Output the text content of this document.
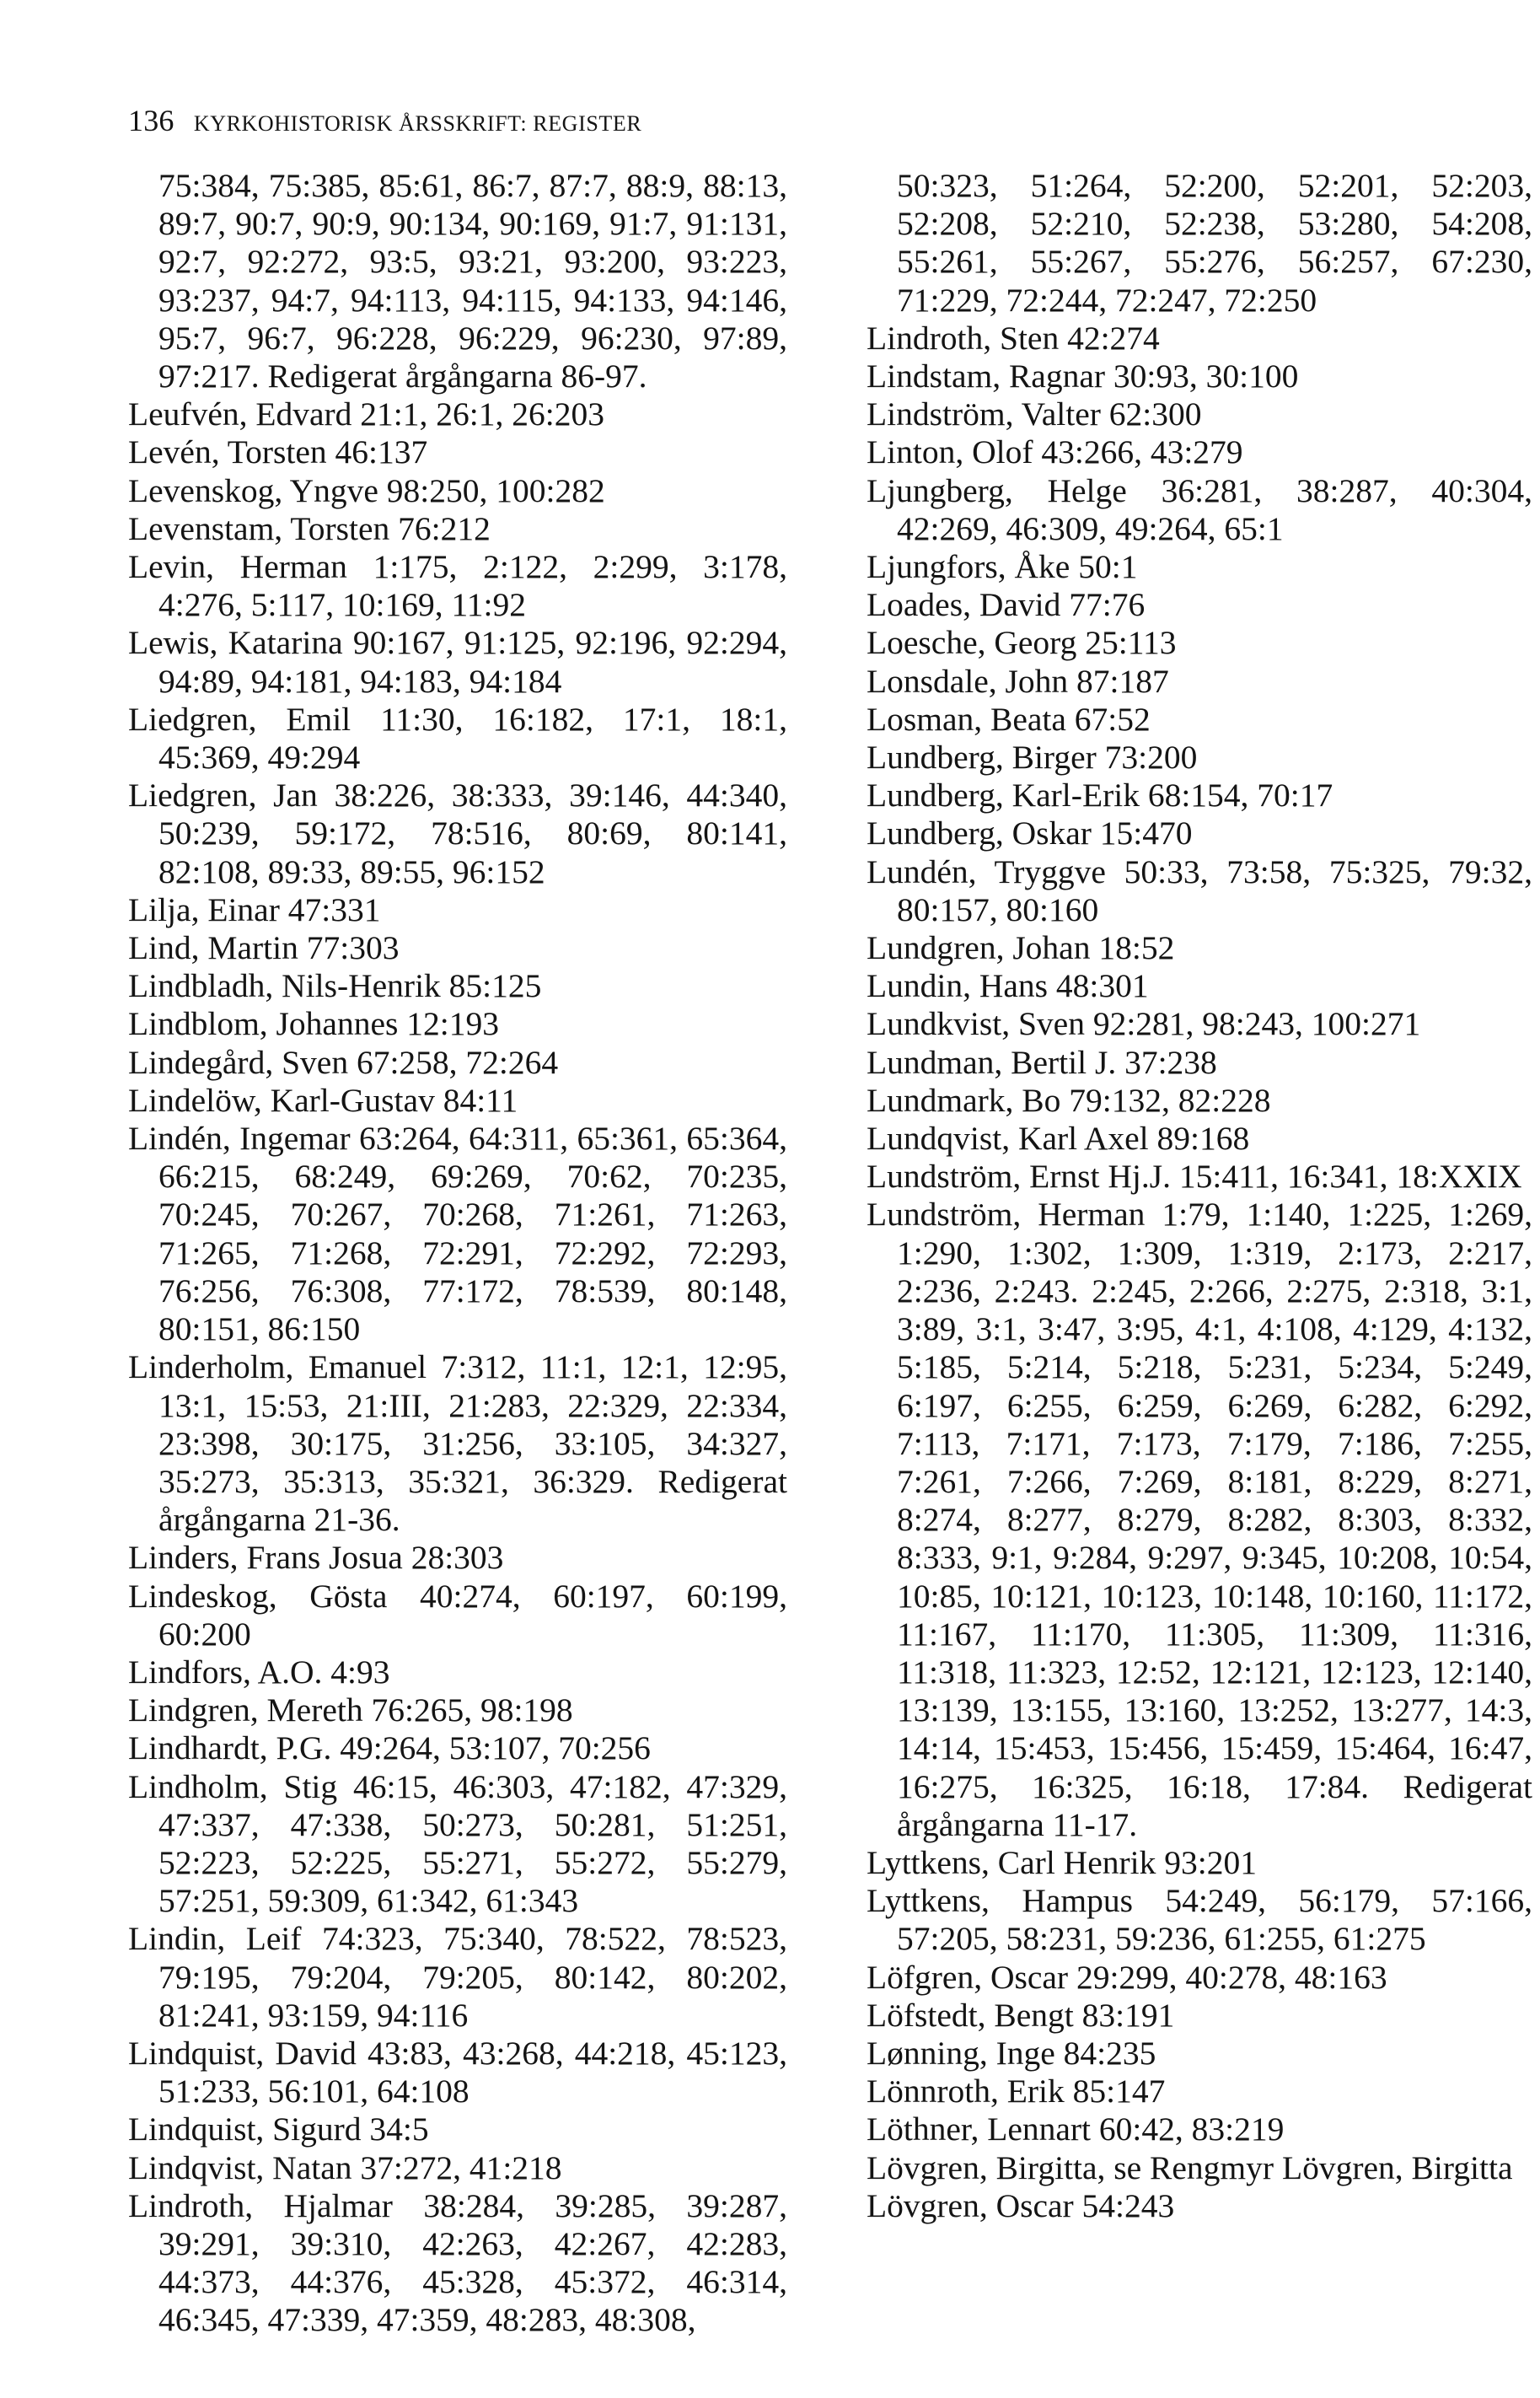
136 KYRKOHISTORISK ÅRSSKRIFT: REGISTER

75:384, 75:385, 85:61, 86:7, 87:7, 88:9, 88:13, 89:7, 90:7, 90:9, 90:134, 90:169, 91:7, 91:131, 92:7, 92:272, 93:5, 93:21, 93:200, 93:223, 93:237, 94:7, 94:113, 94:115, 94:133, 94:146, 95:7, 96:7, 96:228, 96:229, 96:230, 97:89, 97:217. Redigerat årgångarna 86-97.

Leufvén, Edvard 21:1, 26:1, 26:203

Levén, Torsten 46:137

Levenskog, Yngve 98:250, 100:282

Levenstam, Torsten 76:212

Levin, Herman 1:175, 2:122, 2:299, 3:178, 4:276, 5:117, 10:169, 11:92

Lewis, Katarina 90:167, 91:125, 92:196, 92:294, 94:89, 94:181, 94:183, 94:184

Liedgren, Emil 11:30, 16:182, 17:1, 18:1, 45:369, 49:294

Liedgren, Jan 38:226, 38:333, 39:146, 44:340, 50:239, 59:172, 78:516, 80:69, 80:141, 82:108, 89:33, 89:55, 96:152

Lilja, Einar 47:331

Lind, Martin 77:303

Lindbladh, Nils-Henrik 85:125

Lindblom, Johannes 12:193

Lindegård, Sven 67:258, 72:264

Lindelöw, Karl-Gustav 84:11

Lindén, Ingemar 63:264, 64:311, 65:361, 65:364, 66:215, 68:249, 69:269, 70:62, 70:235, 70:245, 70:267, 70:268, 71:261, 71:263, 71:265, 71:268, 72:291, 72:292, 72:293, 76:256, 76:308, 77:172, 78:539, 80:148, 80:151, 86:150

Linderholm, Emanuel 7:312, 11:1, 12:1, 12:95, 13:1, 15:53, 21:III, 21:283, 22:329, 22:334, 23:398, 30:175, 31:256, 33:105, 34:327, 35:273, 35:313, 35:321, 36:329. Redigerat årgångarna 21-36.

Linders, Frans Josua 28:303

Lindeskog, Gösta 40:274, 60:197, 60:199, 60:200

Lindfors, A.O. 4:93

Lindgren, Mereth 76:265, 98:198

Lindhardt, P.G. 49:264, 53:107, 70:256

Lindholm, Stig 46:15, 46:303, 47:182, 47:329, 47:337, 47:338, 50:273, 50:281, 51:251, 52:223, 52:225, 55:271, 55:272, 55:279, 57:251, 59:309, 61:342, 61:343

Lindin, Leif 74:323, 75:340, 78:522, 78:523, 79:195, 79:204, 79:205, 80:142, 80:202, 81:241, 93:159, 94:116

Lindquist, David 43:83, 43:268, 44:218, 45:123, 51:233, 56:101, 64:108

Lindquist, Sigurd 34:5

Lindqvist, Natan 37:272, 41:218

Lindroth, Hjalmar 38:284, 39:285, 39:287, 39:291, 39:310, 42:263, 42:267, 42:283, 44:373, 44:376, 45:328, 45:372, 46:314, 46:345, 47:339, 47:359, 48:283, 48:308,

50:323, 51:264, 52:200, 52:201, 52:203, 52:208, 52:210, 52:238, 53:280, 54:208, 55:261, 55:267, 55:276, 56:257, 67:230, 71:229, 72:244, 72:247, 72:250

Lindroth, Sten 42:274

Lindstam, Ragnar 30:93, 30:100

Lindström, Valter 62:300

Linton, Olof 43:266, 43:279

Ljungberg, Helge 36:281, 38:287, 40:304, 42:269, 46:309, 49:264, 65:1

Ljungfors, Åke 50:1

Loades, David 77:76

Loesche, Georg 25:113

Lonsdale, John 87:187

Losman, Beata 67:52

Lundberg, Birger 73:200

Lundberg, Karl-Erik 68:154, 70:17

Lundberg, Oskar 15:470

Lundén, Tryggve 50:33, 73:58, 75:325, 79:32, 80:157, 80:160

Lundgren, Johan 18:52

Lundin, Hans 48:301

Lundkvist, Sven 92:281, 98:243, 100:271

Lundman, Bertil J. 37:238

Lundmark, Bo 79:132, 82:228

Lundqvist, Karl Axel 89:168

Lundström, Ernst Hj.J. 15:411, 16:341, 18:XXIX

Lundström, Herman 1:79, 1:140, 1:225, 1:269, 1:290, 1:302, 1:309, 1:319, 2:173, 2:217, 2:236, 2:243. 2:245, 2:266, 2:275, 2:318, 3:1, 3:89, 3:1, 3:47, 3:95, 4:1, 4:108, 4:129, 4:132, 5:185, 5:214, 5:218, 5:231, 5:234, 5:249, 6:197, 6:255, 6:259, 6:269, 6:282, 6:292, 7:113, 7:171, 7:173, 7:179, 7:186, 7:255, 7:261, 7:266, 7:269, 8:181, 8:229, 8:271, 8:274, 8:277, 8:279, 8:282, 8:303, 8:332, 8:333, 9:1, 9:284, 9:297, 9:345, 10:208, 10:54, 10:85, 10:121, 10:123, 10:148, 10:160, 11:172, 11:167, 11:170, 11:305, 11:309, 11:316, 11:318, 11:323, 12:52, 12:121, 12:123, 12:140, 13:139, 13:155, 13:160, 13:252, 13:277, 14:3, 14:14, 15:453, 15:456, 15:459, 15:464, 16:47, 16:275, 16:325, 16:18, 17:84. Redigerat årgångarna 11-17.

Lyttkens, Carl Henrik 93:201

Lyttkens, Hampus 54:249, 56:179, 57:166, 57:205, 58:231, 59:236, 61:255, 61:275

Löfgren, Oscar 29:299, 40:278, 48:163

Löfstedt, Bengt 83:191

Lønning, Inge 84:235

Lönnroth, Erik 85:147

Löthner, Lennart 60:42, 83:219

Lövgren, Birgitta, se Rengmyr Lövgren, Birgitta

Lövgren, Oscar 54:243
